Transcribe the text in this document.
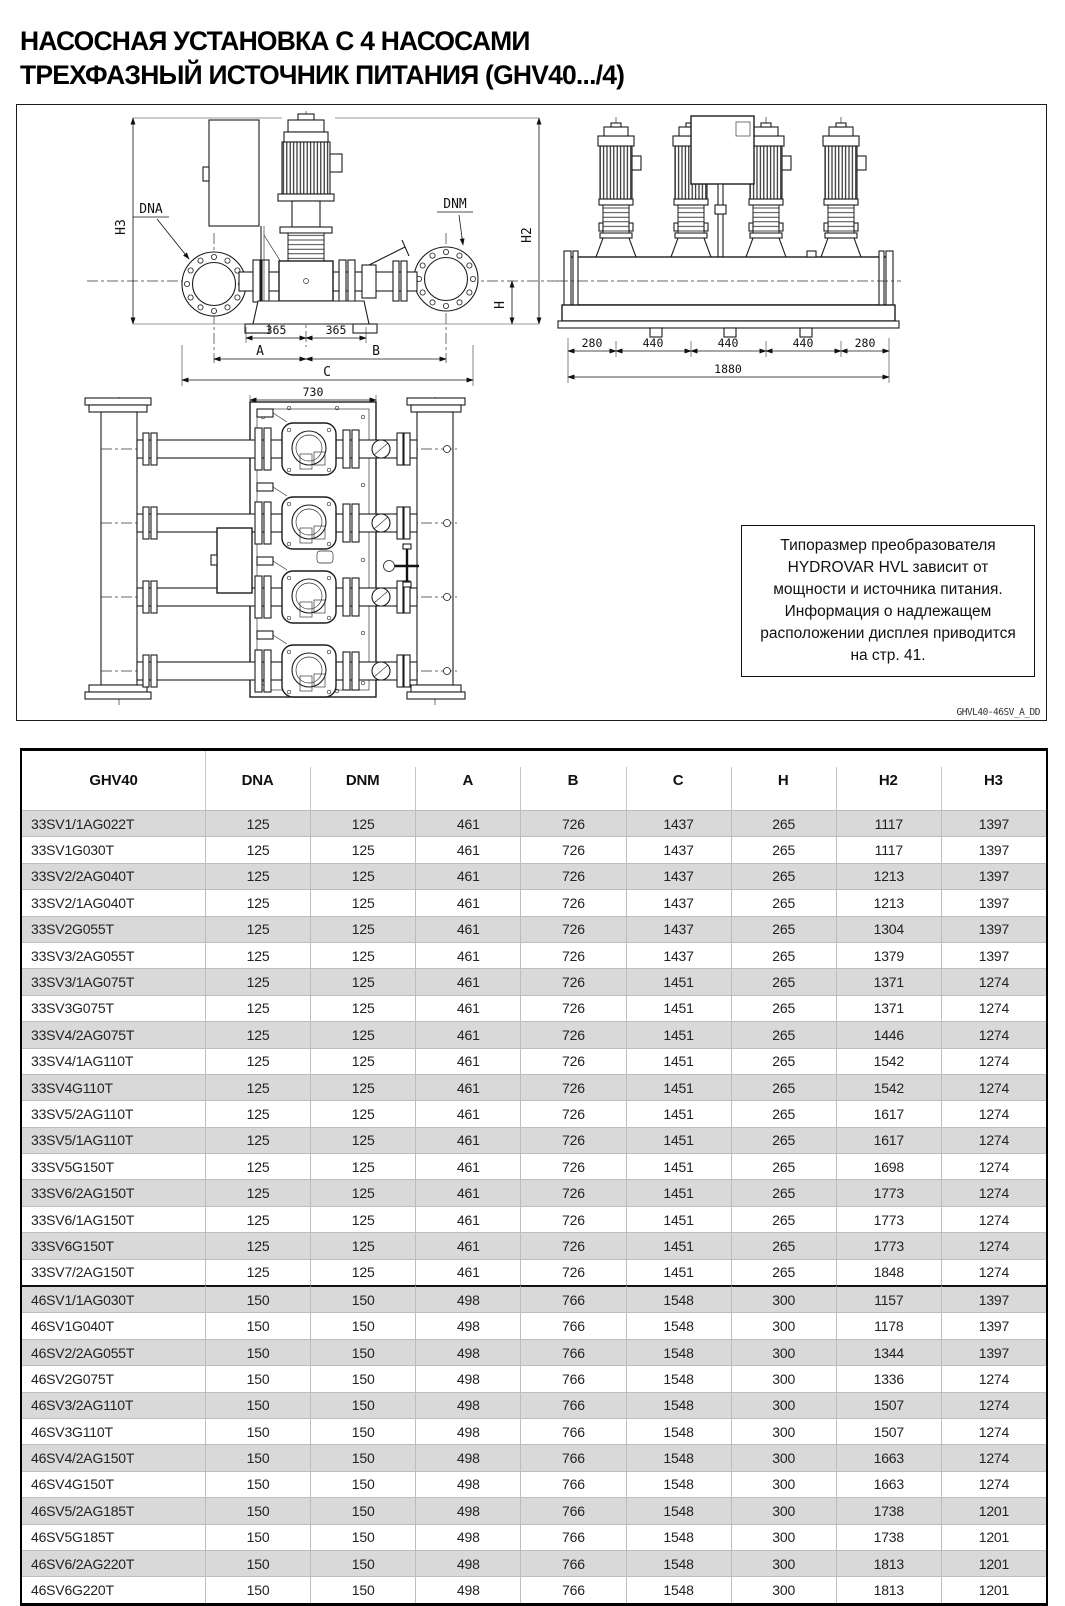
НАСОСНАЯ УСТАНОВКА С 4 НАСОСАМИ
ТРЕХФАЗНЫЙ ИСТОЧНИК ПИТАНИЯ (GHV40.../4)
DNA	DNM
H3
H2
H
365	365
A	B
C
730
280	440	440	440	280
1880
Типоразмер преобразователя HYDROVAR HVL зависит от мощности и источника питания. Информация о надлежащем расположении дисплея приводится на стр. 41.
GHVL40-46SV_A_DD
GHV40	DNA	DNM	A	B	C	H	H2	H3
33SV1/1AG022T	125	125	461	726	1437	265	1117	1397
33SV1G030T	125	125	461	726	1437	265	1117	1397
33SV2/2AG040T	125	125	461	726	1437	265	1213	1397
33SV2/1AG040T	125	125	461	726	1437	265	1213	1397
33SV2G055T	125	125	461	726	1437	265	1304	1397
33SV3/2AG055T	125	125	461	726	1437	265	1379	1397
33SV3/1AG075T	125	125	461	726	1451	265	1371	1274
33SV3G075T	125	125	461	726	1451	265	1371	1274
33SV4/2AG075T	125	125	461	726	1451	265	1446	1274
33SV4/1AG110T	125	125	461	726	1451	265	1542	1274
33SV4G110T	125	125	461	726	1451	265	1542	1274
33SV5/2AG110T	125	125	461	726	1451	265	1617	1274
33SV5/1AG110T	125	125	461	726	1451	265	1617	1274
33SV5G150T	125	125	461	726	1451	265	1698	1274
33SV6/2AG150T	125	125	461	726	1451	265	1773	1274
33SV6/1AG150T	125	125	461	726	1451	265	1773	1274
33SV6G150T	125	125	461	726	1451	265	1773	1274
33SV7/2AG150T	125	125	461	726	1451	265	1848	1274
46SV1/1AG030T	150	150	498	766	1548	300	1157	1397
46SV1G040T	150	150	498	766	1548	300	1178	1397
46SV2/2AG055T	150	150	498	766	1548	300	1344	1397
46SV2G075T	150	150	498	766	1548	300	1336	1274
46SV3/2AG110T	150	150	498	766	1548	300	1507	1274
46SV3G110T	150	150	498	766	1548	300	1507	1274
46SV4/2AG150T	150	150	498	766	1548	300	1663	1274
46SV4G150T	150	150	498	766	1548	300	1663	1274
46SV5/2AG185T	150	150	498	766	1548	300	1738	1201
46SV5G185T	150	150	498	766	1548	300	1738	1201
46SV6/2AG220T	150	150	498	766	1548	300	1813	1201
46SV6G220T	150	150	498	766	1548	300	1813	1201
